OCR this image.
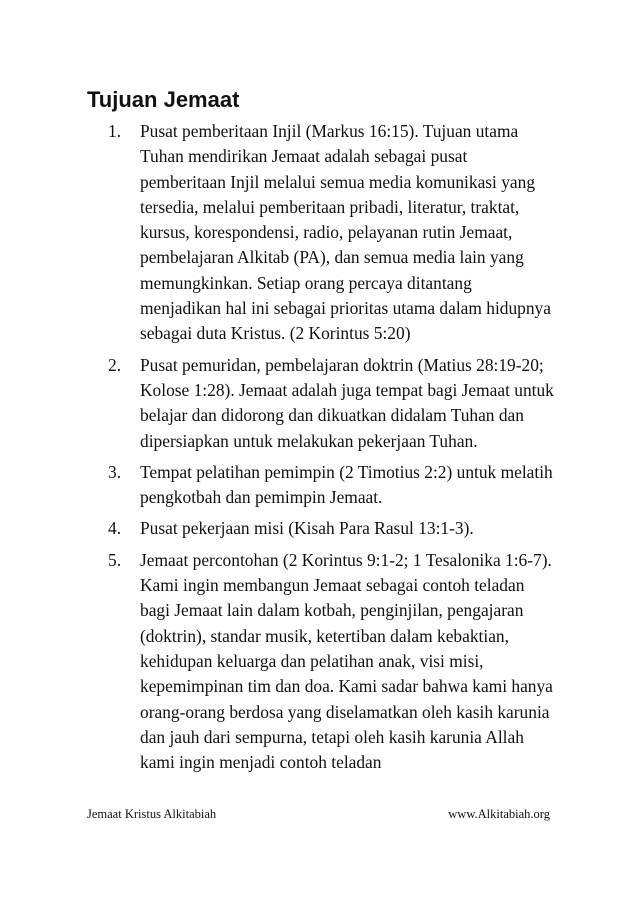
Tujuan Jemaat
1. Pusat pemberitaan Injil (Markus 16:15). Tujuan utama Tuhan mendirikan Jemaat adalah sebagai pusat pemberitaan Injil melalui semua media komunikasi yang tersedia, melalui pemberitaan pribadi, literatur, traktat, kursus, korespondensi, radio, pelayanan rutin Jemaat, pembelajaran Alkitab (PA), dan semua media lain yang memungkinkan. Setiap orang percaya ditantang menjadikan hal ini sebagai prioritas utama dalam hidupnya sebagai duta Kristus. (2 Korintus 5:20)
2. Pusat pemuridan, pembelajaran doktrin (Matius 28:19-20; Kolose 1:28). Jemaat adalah juga tempat bagi Jemaat untuk belajar dan didorong dan dikuatkan didalam Tuhan dan dipersiapkan untuk melakukan pekerjaan Tuhan.
3. Tempat pelatihan pemimpin (2 Timotius 2:2) untuk melatih pengkotbah dan pemimpin Jemaat.
4. Pusat pekerjaan misi (Kisah Para Rasul 13:1-3).
5. Jemaat percontohan (2 Korintus 9:1-2; 1 Tesalonika 1:6-7). Kami ingin membangun Jemaat sebagai contoh teladan bagi Jemaat lain dalam kotbah, penginjilan, pengajaran (doktrin), standar musik, ketertiban dalam kebaktian, kehidupan keluarga dan pelatihan anak, visi misi, kepemimpinan tim dan doa. Kami sadar bahwa kami hanya orang-orang berdosa yang diselamatkan oleh kasih karunia dan jauh dari sempurna, tetapi oleh kasih karunia Allah kami ingin menjadi contoh teladan
Jemaat Kristus Alkitabiah	www.Alkitabiah.org
